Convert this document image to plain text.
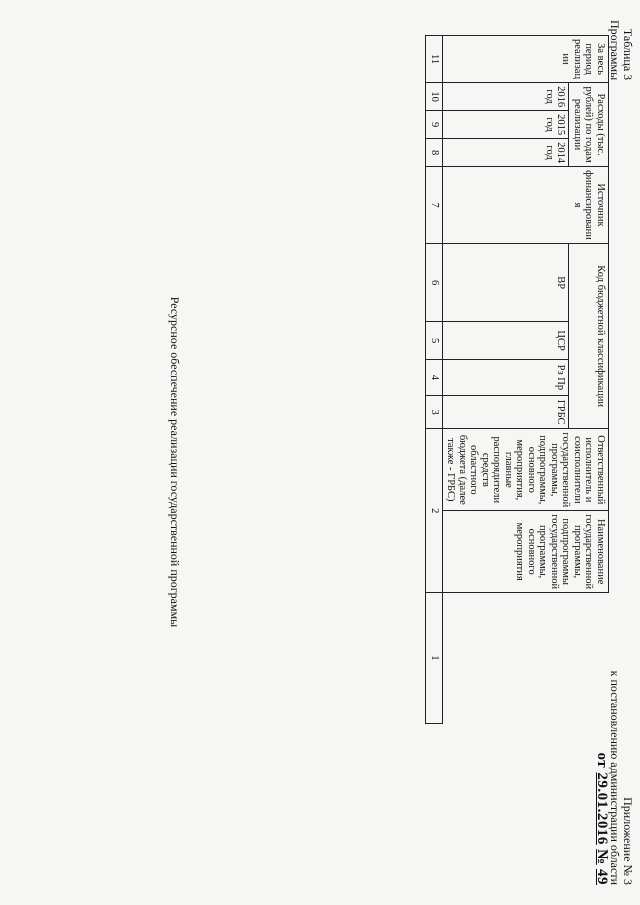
Таблица 3
Программы
Приложение № 3
к постановлению администрации области
от 29.01.2016 № 49
За весь период реализац ии	Расходы (тыс. рублей) по годам реализации			Источник финансировани я	Код бюджетной классификации				Ответственный исполнитель и соисполнители государственной программы, подпрограммы, основного мероприятия, главные распорядители средств областного бюджета (далее также - ГРБС)	Наименование государственной программы, подпрограммы государственной программы, основного мероприятия	
	2016 год	2015 год	2014 год		ВР	ЦСР	Рз Пр	ГРБС			

11	10	9	8	7	6	5	4	3	2		1
Ресурсное обеспечение реализации государственной программы
